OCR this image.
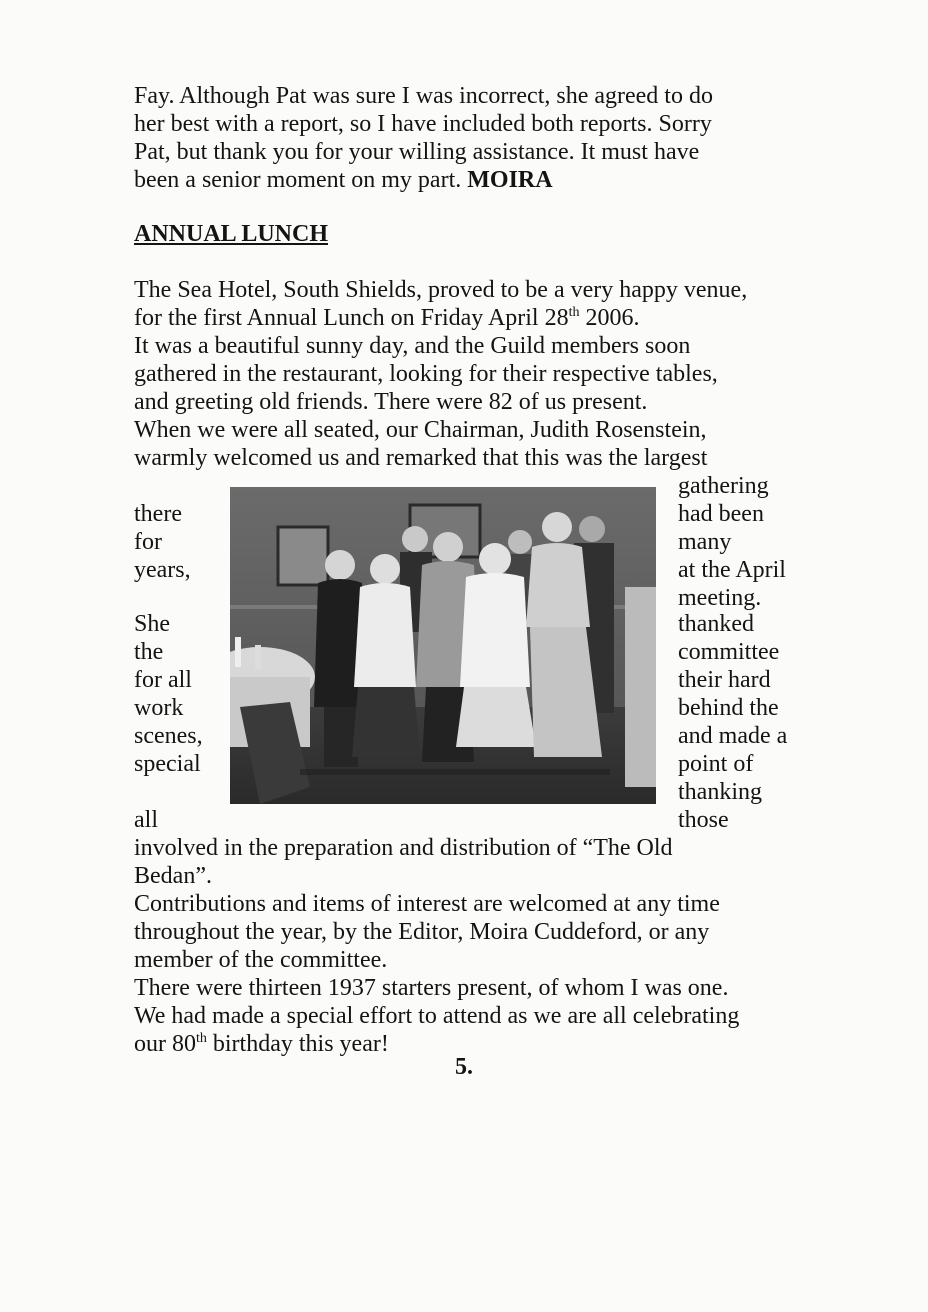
Fay. Although Pat was sure I was incorrect, she agreed to do
her best with a report, so I have included both reports. Sorry
Pat, but thank you for your willing assistance. It must have
been a senior moment on my part. MOIRA
ANNUAL LUNCH
The Sea Hotel, South Shields, proved to be a very happy venue,
for the first Annual Lunch on Friday April 28th 2006.
It was a beautiful sunny day, and the Guild members soon
gathered in the restaurant, looking for their respective tables,
and greeting old friends. There were 82 of us present.
When we were all seated, our Chairman, Judith Rosenstein,
warmly welcomed us and remarked that this was the largest
there
for
years,
She
the
for all
work
scenes,
special
all
gathering
had been
many
at the April
meeting.
thanked
committee
their hard
behind the
and made a
point of
thanking
those
involved in the preparation and distribution of “The Old
Bedan”.
Contributions and items of interest are welcomed at any time
throughout the year, by the Editor, Moira Cuddeford, or any
member of the committee.
There were thirteen 1937 starters present, of whom I was one.
We had made a special effort to attend as we are all celebrating
our 80th birthday this year!
5.
